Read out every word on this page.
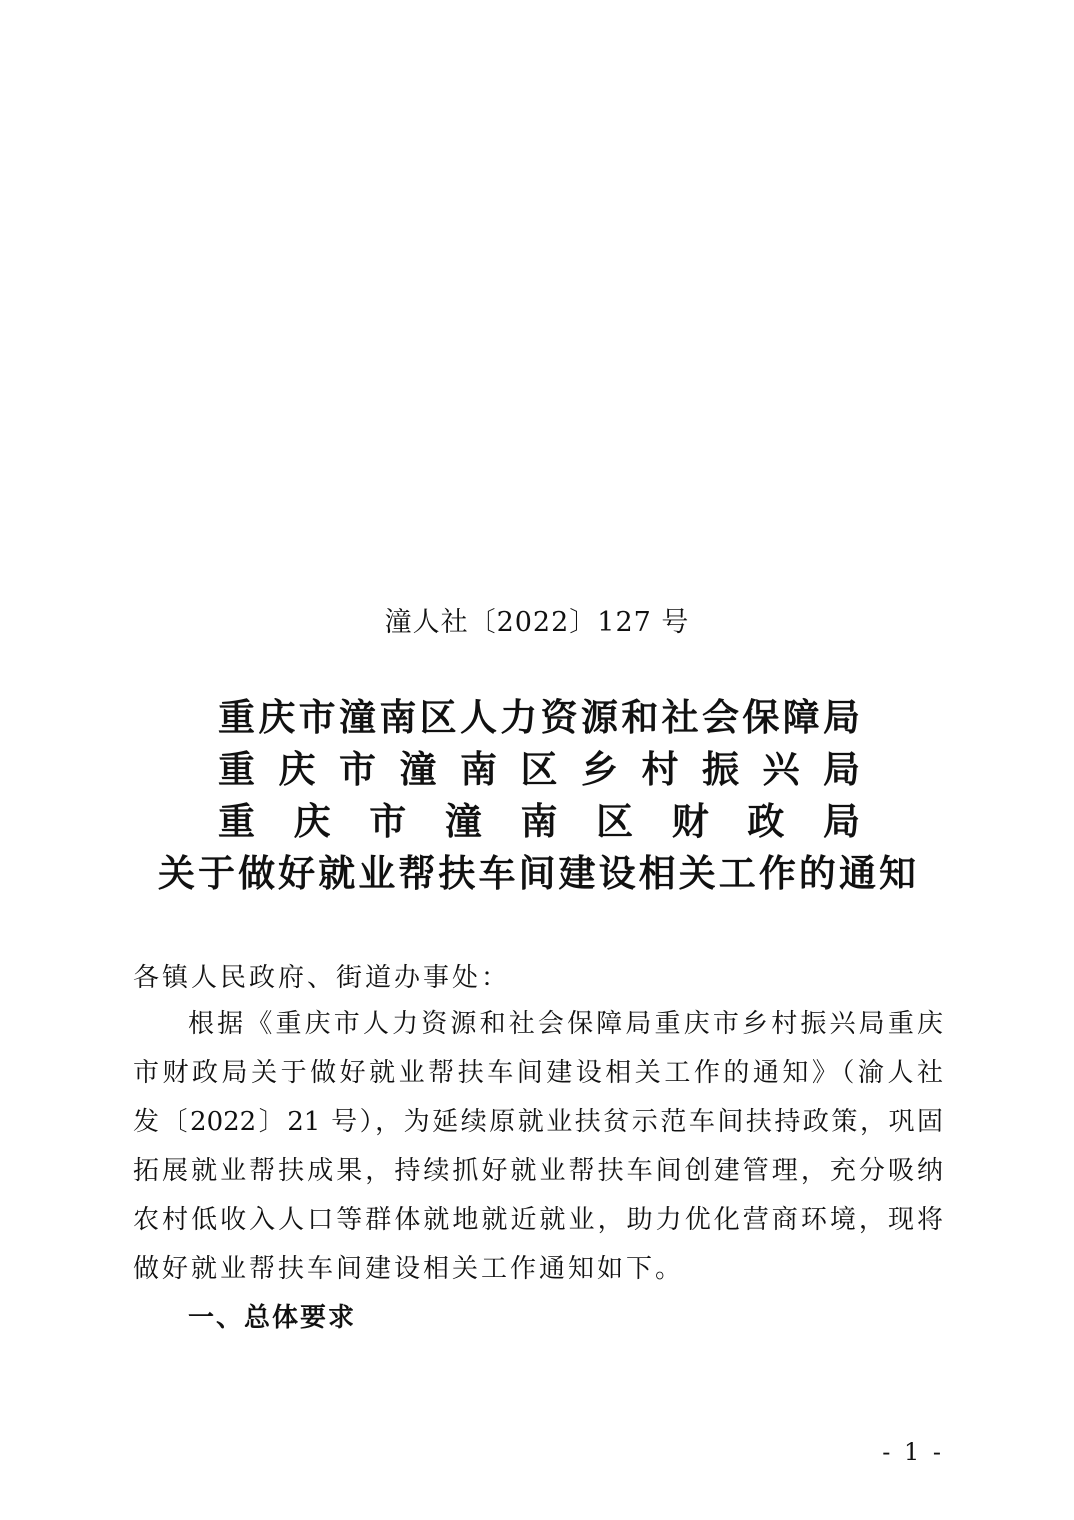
潼人社〔2022〕127 号
重庆市潼南区人力资源和社会保障局
重庆市潼南区乡村振兴局
重庆市潼南区财政局
关于做好就业帮扶车间建设相关工作的通知
各镇人民政府、街道办事处：
根据《重庆市人力资源和社会保障局重庆市乡村振兴局重庆
市财政局关于做好就业帮扶车间建设相关工作的通知》（渝人社
发〔2022〕21 号），为延续原就业扶贫示范车间扶持政策，巩固
拓展就业帮扶成果，持续抓好就业帮扶车间创建管理，充分吸纳
农村低收入人口等群体就地就近就业，助力优化营商环境，现将
做好就业帮扶车间建设相关工作通知如下。
一、总体要求
- 1 -
